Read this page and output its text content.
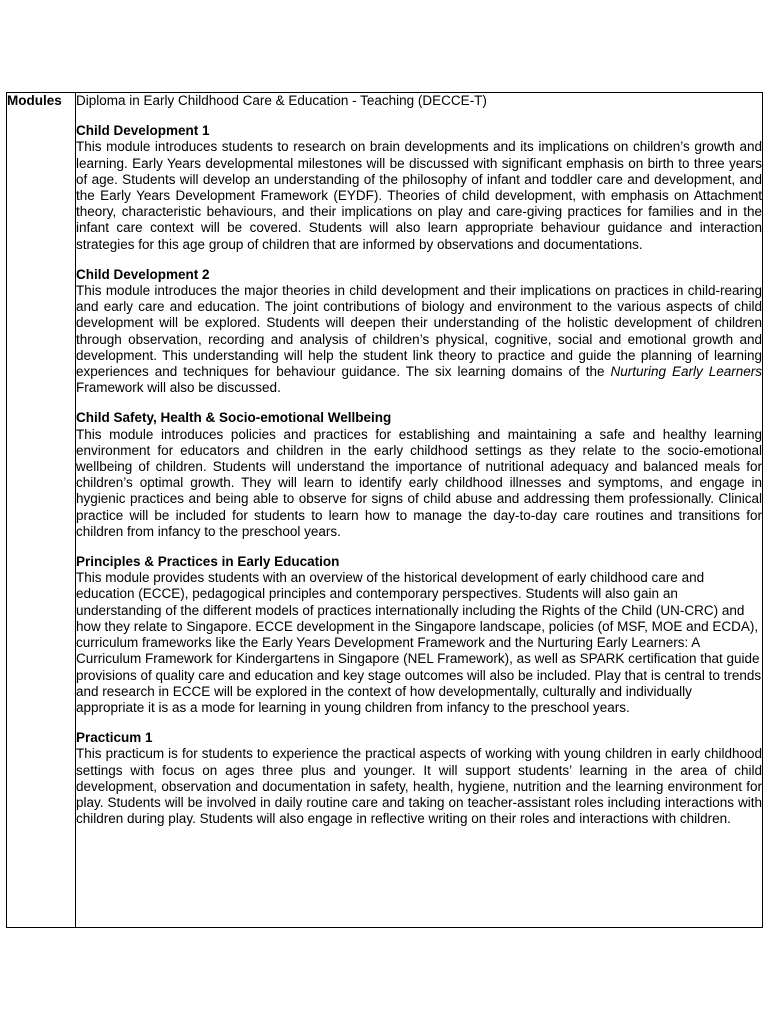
Modules	Diploma in Early Childhood Care & Education - Teaching (DECCE-T)
Child Development 1

This module introduces students to research on brain developments and its implications on children’s growth and learning. Early Years developmental milestones will be discussed with significant emphasis on birth to three years of age. Students will develop an understanding of the philosophy of infant and toddler care and development, and the Early Years Development Framework (EYDF). Theories of child development, with emphasis on Attachment theory, characteristic behaviours, and their implications on play and care-giving practices for families and in the infant care context will be covered. Students will also learn appropriate behaviour guidance and interaction strategies for this age group of children that are informed by observations and documentations.

Child Development 2

This module introduces the major theories in child development and their implications on practices in child-rearing and early care and education. The joint contributions of biology and environment to the various aspects of child development will be explored. Students will deepen their understanding of the holistic development of children through observation, recording and analysis of children’s physical, cognitive, social and emotional growth and development. This understanding will help the student link theory to practice and guide the planning of learning experiences and techniques for behaviour guidance. The six learning domains of the Nurturing Early Learners Framework will also be discussed.

Child Safety, Health & Socio-emotional Wellbeing

This module introduces policies and practices for establishing and maintaining a safe and healthy learning environment for educators and children in the early childhood settings as they relate to the socio-emotional wellbeing of children. Students will understand the importance of nutritional adequacy and balanced meals for children’s optimal growth. They will learn to identify early childhood illnesses and symptoms, and engage in hygienic practices and being able to observe for signs of child abuse and addressing them professionally. Clinical practice will be included for students to learn how to manage the day-to-day care routines and transitions for children from infancy to the preschool years.

Principles & Practices in Early Education

This module provides students with an overview of the historical development of early childhood care and education (ECCE), pedagogical principles and contemporary perspectives. Students will also gain an understanding of the different models of practices internationally including the Rights of the Child (UN-CRC) and how they relate to Singapore. ECCE development in the Singapore landscape, policies (of MSF, MOE and ECDA), curriculum frameworks like the Early Years Development Framework and the Nurturing Early Learners: A Curriculum Framework for Kindergartens in Singapore (NEL Framework), as well as SPARK certification that guide provisions of quality care and education and key stage outcomes will also be included. Play that is central to trends and research in ECCE will be explored in the context of how developmentally, culturally and individually appropriate it is as a mode for learning in young children from infancy to the preschool years.

Practicum 1

This practicum is for students to experience the practical aspects of working with young children in early childhood settings with focus on ages three plus and younger. It will support students’ learning in the area of child development, observation and documentation in safety, health, hygiene, nutrition and the learning environment for play. Students will be involved in daily routine care and taking on teacher-assistant roles including interactions with children during play. Students will also engage in reflective writing on their roles and interactions with children.
